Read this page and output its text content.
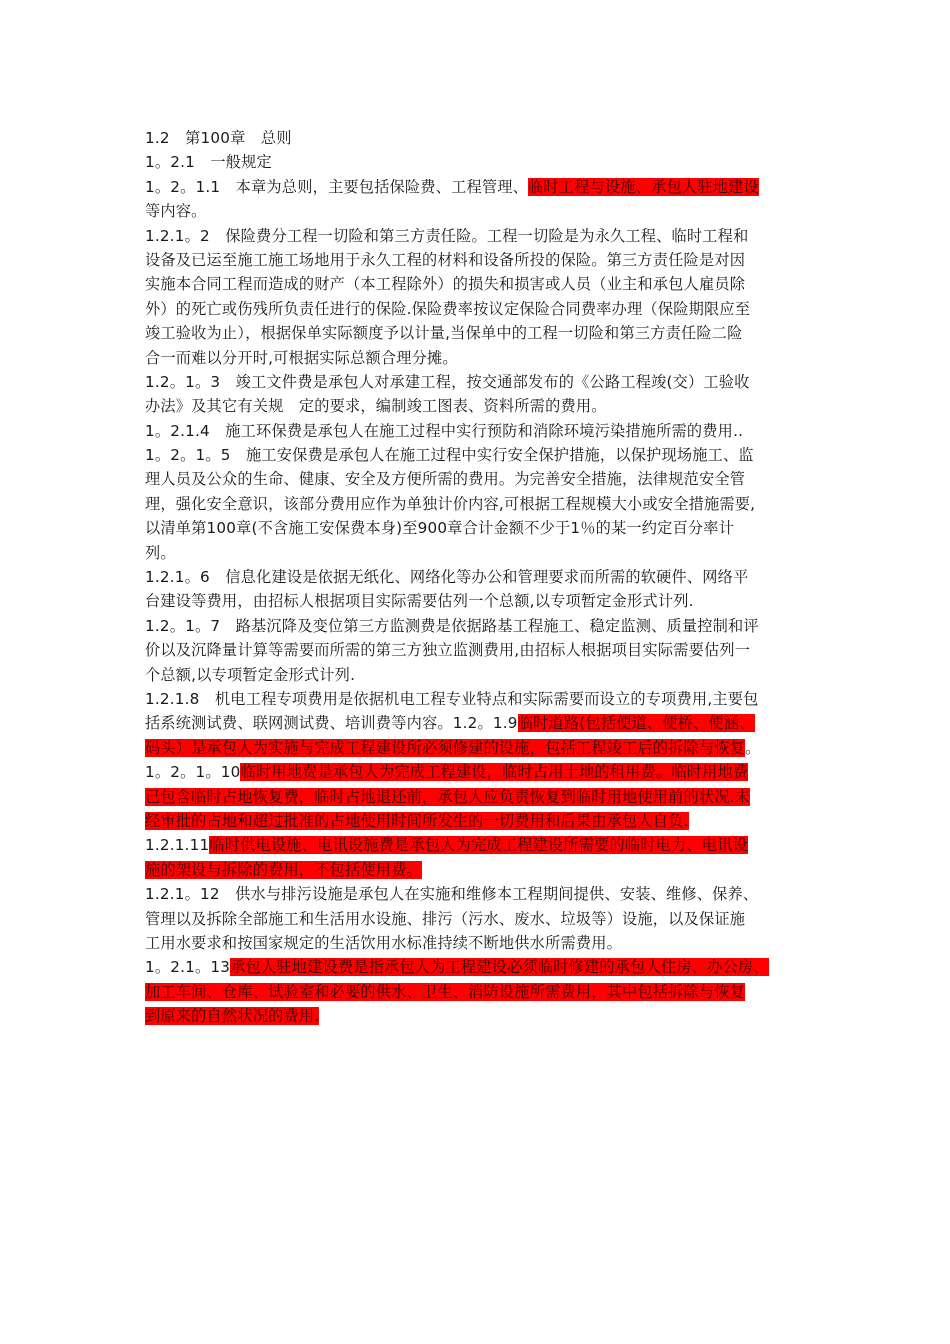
1.2　第100章　总则
1。2.1　一般规定
1。2。1.1　本章为总则，主要包括保险费、工程管理、临时工程与设施、承包人驻地建设
等内容。
1.2.1。2　保险费分工程一切险和第三方责任险。工程一切险是为永久工程、临时工程和
设备及已运至施工施工场地用于永久工程的材料和设备所投的保险。第三方责任险是对因
实施本合同工程而造成的财产（本工程除外）的损失和损害或人员（业主和承包人雇员除
外）的死亡或伤残所负责任进行的保险.保险费率按议定保险合同费率办理（保险期限应至
竣工验收为止），根据保单实际额度予以计量,当保单中的工程一切险和第三方责任险二险
合一而难以分开时,可根据实际总额合理分摊。
1.2。1。3　竣工文件费是承包人对承建工程，按交通部发布的《公路工程竣(交）工验收
办法》及其它有关规　定的要求，编制竣工图表、资料所需的费用。
1。2.1.4　施工环保费是承包人在施工过程中实行预防和消除环境污染措施所需的费用..
1。2。1。5　施工安保费是承包人在施工过程中实行安全保护措施，以保护现场施工、监
理人员及公众的生命、健康、安全及方便所需的费用。为完善安全措施，法律规范安全管
理，强化安全意识，该部分费用应作为单独计价内容,可根据工程规模大小或安全措施需要,
以清单第100章(不含施工安保费本身)至900章合计金额不少于1％的某一约定百分率计
列。
1.2.1。6　信息化建设是依据无纸化、网络化等办公和管理要求而所需的软硬件、网络平
台建设等费用，由招标人根据项目实际需要估列一个总额,以专项暂定金形式计列.
1.2。1。7　路基沉降及变位第三方监测费是依据路基工程施工、稳定监测、质量控制和评
价以及沉降量计算等需要而所需的第三方独立监测费用,由招标人根据项目实际需要估列一
个总额,以专项暂定金形式计列.
1.2.1.8　机电工程专项费用是依据机电工程专业特点和实际需要而设立的专项费用,主要包
括系统测试费、联网测试费、培训费等内容。1.2。1.9临时道路(包括便道、便桥、便涵、
码头）是承包人为实施与完成工程建设所必须修建的设施，包括工程竣工后的拆除与恢复。
1。2。1。10临时用地费是承包人为完成工程建设，临时占用土地的租用费。临时用地费
已包含临时占地恢复费，临时占地退还前，承包人应负责恢复到临时用地使用前的状况.未
经审批的占地和超过批准的占地使用时间所发生的一切费用和后果由承包人自负.
1.2.1.11临时供电设施、电讯设施费是承包人为完成工程建设所需要的临时电力、电讯设
施的架设与拆除的费用，不包括使用费。
1.2.1。12　供水与排污设施是承包人在实施和维修本工程期间提供、安装、维修、保养、
管理以及拆除全部施工和生活用水设施、排污（污水、废水、垃圾等）设施，以及保证施
工用水要求和按国家规定的生活饮用水标准持续不断地供水所需费用。
1。2.1。13承包人驻地建设费是指承包人为工程建设必须临时修建的承包人住房、办公房、
加工车间、仓库、试验室和必要的供水、卫生、消防设施所需费用，其中包括拆除与恢复
到原来的自然状况的费用.
